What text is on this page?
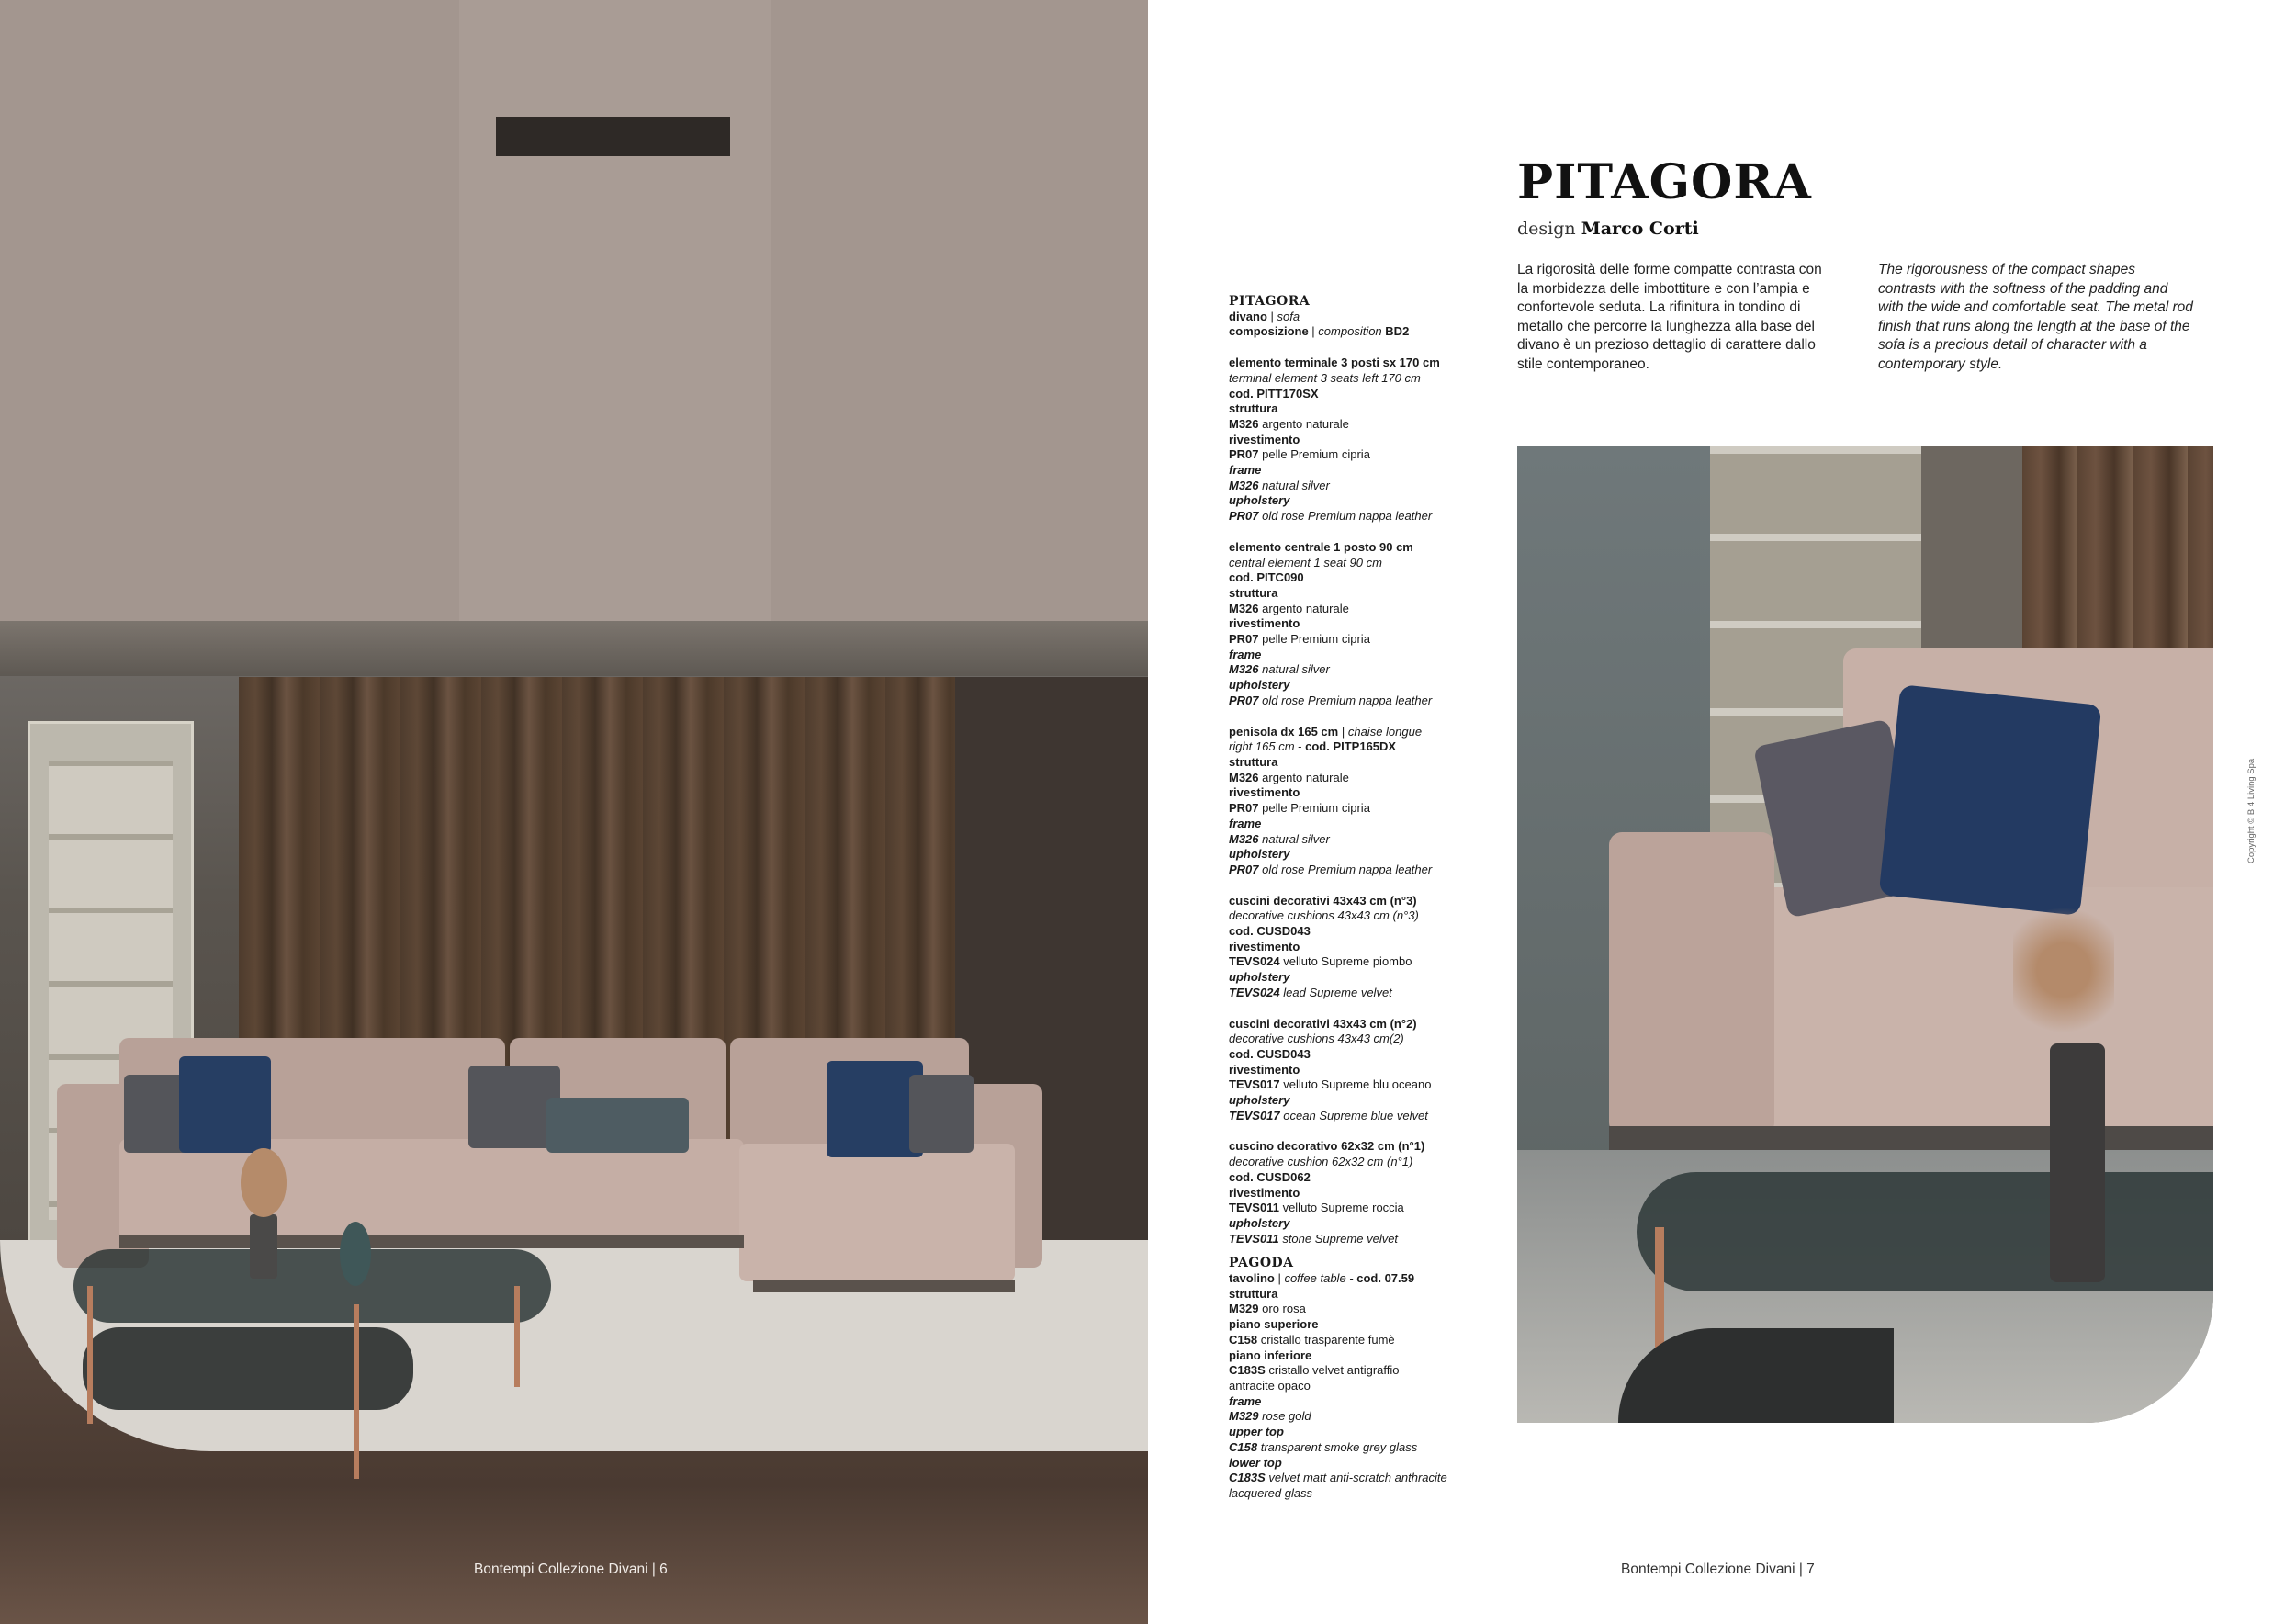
Bontempi Collezione Divani | 6
PITAGORA
design Marco Corti
La rigorosità delle forme compatte contrasta con la morbidezza delle imbottiture e con l’ampia e confortevole seduta. La rifinitura in tondino di metallo che percorre la lunghezza alla base del divano è un prezioso dettaglio di carattere dallo stile contemporaneo.
The rigorousness of the compact shapes contrasts with the softness of the padding and with the wide and comfortable seat. The metal rod finish that runs along the length at the base of the sofa is a precious detail of character with a contemporary style.
PITAGORA
divano | sofa
composizione | composition BD2
elemento terminale 3 posti sx 170 cm
terminal element 3 seats left 170 cm
cod. PITT170SX
struttura
M326 argento naturale
rivestimento
PR07 pelle Premium cipria
frame
M326 natural silver
upholstery
PR07 old rose Premium nappa leather
elemento centrale 1 posto 90 cm
central element 1 seat 90 cm
cod. PITC090
struttura
M326 argento naturale
rivestimento
PR07 pelle Premium cipria
frame
M326 natural silver
upholstery
PR07 old rose Premium nappa leather
penisola dx 165 cm | chaise longue
right 165 cm - cod. PITP165DX
struttura
M326 argento naturale
rivestimento
PR07 pelle Premium cipria
frame
M326 natural silver
upholstery
PR07 old rose Premium nappa leather
cuscini decorativi 43x43 cm (n°3)
decorative cushions 43x43 cm (n°3)
cod. CUSD043
rivestimento
TEVS024 velluto Supreme piombo
upholstery
TEVS024 lead Supreme velvet
cuscini decorativi 43x43 cm (n°2)
decorative cushions 43x43 cm(2)
cod. CUSD043
rivestimento
TEVS017 velluto Supreme blu oceano
upholstery
TEVS017 ocean Supreme blue velvet
cuscino decorativo 62x32 cm (n°1)
decorative cushion 62x32 cm (n°1)
cod. CUSD062
rivestimento
TEVS011 velluto Supreme roccia
upholstery
TEVS011 stone Supreme velvet
PAGODA
tavolino | coffee table - cod. 07.59
struttura
M329 oro rosa
piano superiore
C158 cristallo trasparente fumè
piano inferiore
C183S cristallo velvet antigraffio
antracite opaco
frame
M329 rose gold
upper top
C158 transparent smoke grey glass
lower top
C183S velvet matt anti-scratch anthracite
lacquered glass
Copyright © B 4 Living Spa
Bontempi Collezione Divani | 7
